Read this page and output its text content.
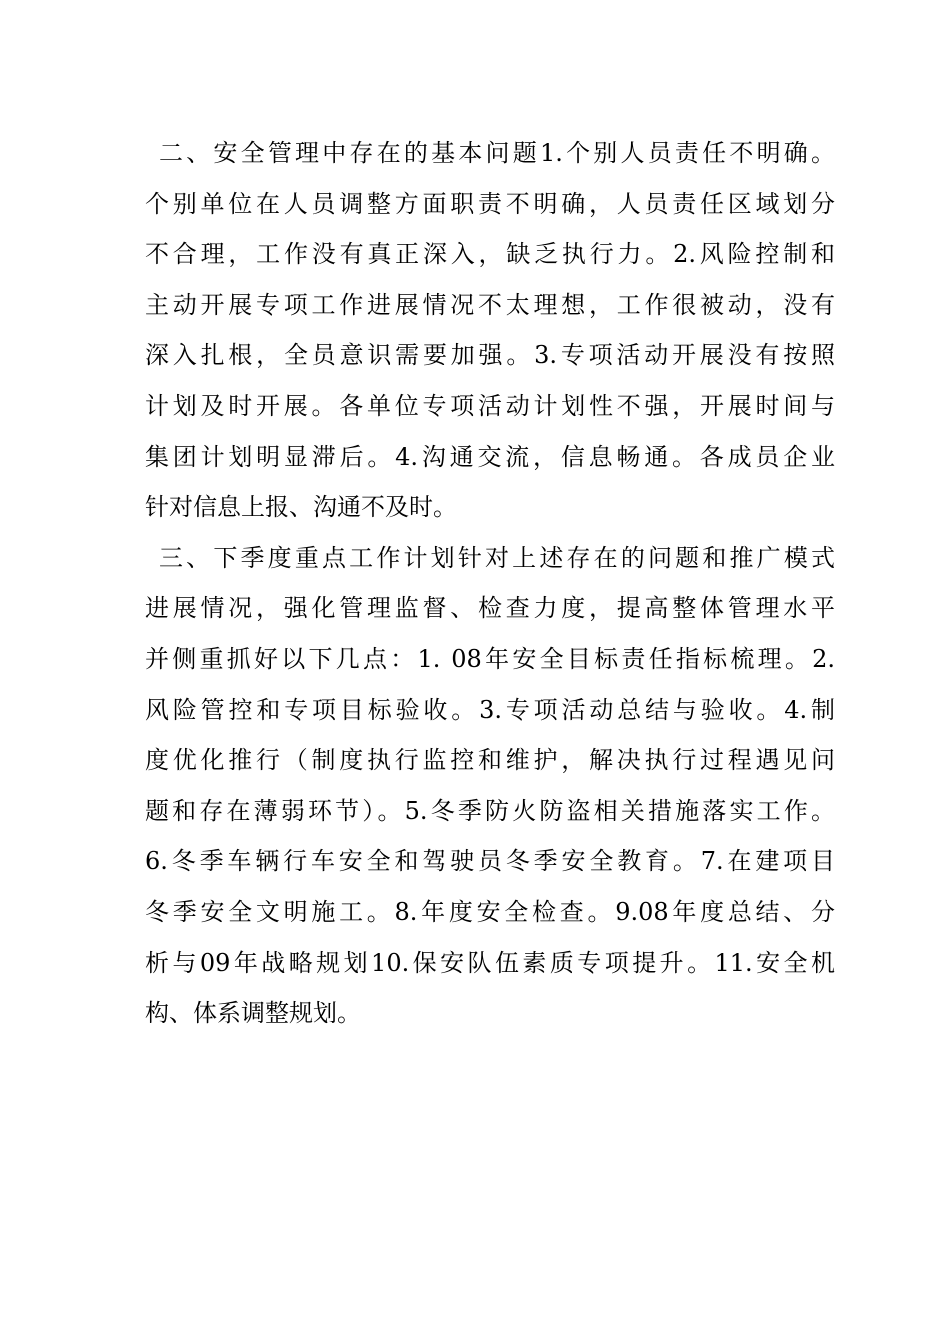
二、安全管理中存在的基本问题1.个别人员责任不明确。
个别单位在人员调整方面职责不明确，人员责任区域划分
不合理，工作没有真正深入，缺乏执行力。2.风险控制和
主动开展专项工作进展情况不太理想，工作很被动，没有
深入扎根，全员意识需要加强。3.专项活动开展没有按照
计划及时开展。各单位专项活动计划性不强，开展时间与
集团计划明显滞后。4.沟通交流，信息畅通。各成员企业
针对信息上报、沟通不及时。
三、下季度重点工作计划针对上述存在的问题和推广模式
进展情况，强化管理监督、检查力度，提高整体管理水平
并侧重抓好以下几点：1. 08年安全目标责任指标梳理。2.
风险管控和专项目标验收。3.专项活动总结与验收。4.制
度优化推行（制度执行监控和维护，解决执行过程遇见问
题和存在薄弱环节）。5.冬季防火防盗相关措施落实工作。
6.冬季车辆行车安全和驾驶员冬季安全教育。7.在建项目
冬季安全文明施工。8.年度安全检查。9.08年度总结、分
析与09年战略规划10.保安队伍素质专项提升。11.安全机
构、体系调整规划。
